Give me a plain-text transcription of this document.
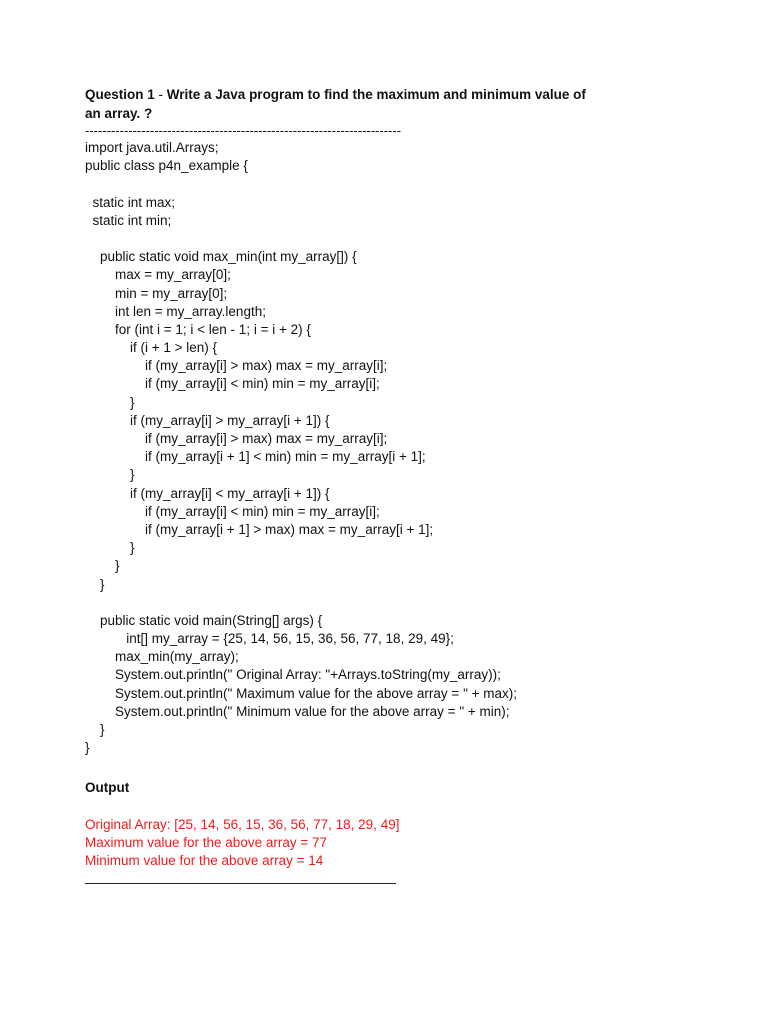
Question 1 - Write a Java program to find the maximum and minimum value of an array. ?

-------------------------------------------------------------------------
import java.util.Arrays;
public class p4n_example {
static int max;
static int min;
public static void max_min(int my_array[]) {
max = my_array[0];
min = my_array[0];
int len = my_array.length;
for (int i = 1; i < len - 1; i = i + 2) {
if (i + 1 > len) {
if (my_array[i] > max) max = my_array[i];
if (my_array[i] < min) min = my_array[i];
}
if (my_array[i] > my_array[i + 1]) {
if (my_array[i] > max) max = my_array[i];
if (my_array[i + 1] < min) min = my_array[i + 1];
}
if (my_array[i] < my_array[i + 1]) {
if (my_array[i] < min) min = my_array[i];
if (my_array[i + 1] > max) max = my_array[i + 1];
}
}
}
public static void main(String[] args) {
int[] my_array = {25, 14, 56, 15, 36, 56, 77, 18, 29, 49};
max_min(my_array);
System.out.println(" Original Array: "+Arrays.toString(my_array));
System.out.println(" Maximum value for the above array = " + max);
System.out.println(" Minimum value for the above array = " + min);
}
}

Output

Original Array: [25, 14, 56, 15, 36, 56, 77, 18, 29, 49]
Maximum value for the above array = 77
Minimum value for the above array = 14
